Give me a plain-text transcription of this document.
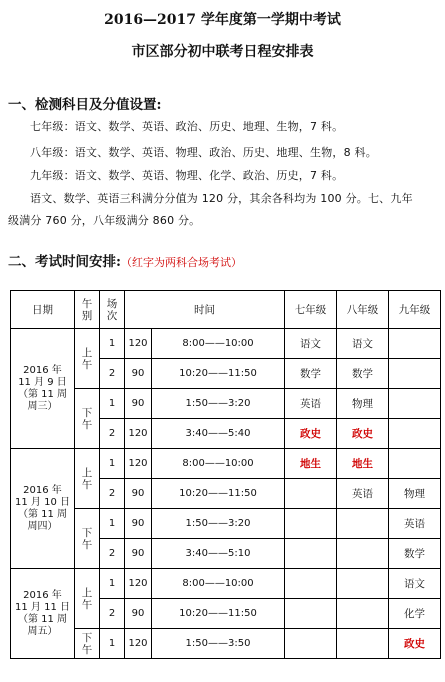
2016—2017 学年度第一学期中考试
市区部分初中联考日程安排表
一、检测科目及分值设置:
七年级：语文、数学、英语、政治、历史、地理、生物，7 科。
八年级：语文、数学、英语、物理、政治、历史、地理、生物，8 科。
九年级：语文、数学、英语、物理、化学、政治、历史，7 科。
语文、数学、英语三科满分分值为 120 分，其余各科均为 100 分。七、九年
级满分 760 分，八年级满分 860 分。
二、考试时间安排:（红字为两科合场考试）
日期	午别	场次	时间		七年级	八年级	九年级

2016 年
11 月 9 日
（第 11 周
周三）	上午	1	120	8:00——10:00	语文	语文	
		2	90	10:20——11:50	数学	数学	
	下午	1	90	1:50——3:20	英语	物理	
		2	120	3:40——5:40	政史	政史	

2016 年
11 月 10 日
（第 11 周
周四）	上午	1	120	8:00——10:00	地生	地生	
		2	90	10:20——11:50		英语	物理
	下午	1	90	1:50——3:20			英语
		2	90	3:40——5:10			数学

2016 年
11 月 11 日
（第 11 周
周五）	上午	1	120	8:00——10:00			语文
		2	90	10:20——11:50			化学
	下午	1	120	1:50——3:50			政史
